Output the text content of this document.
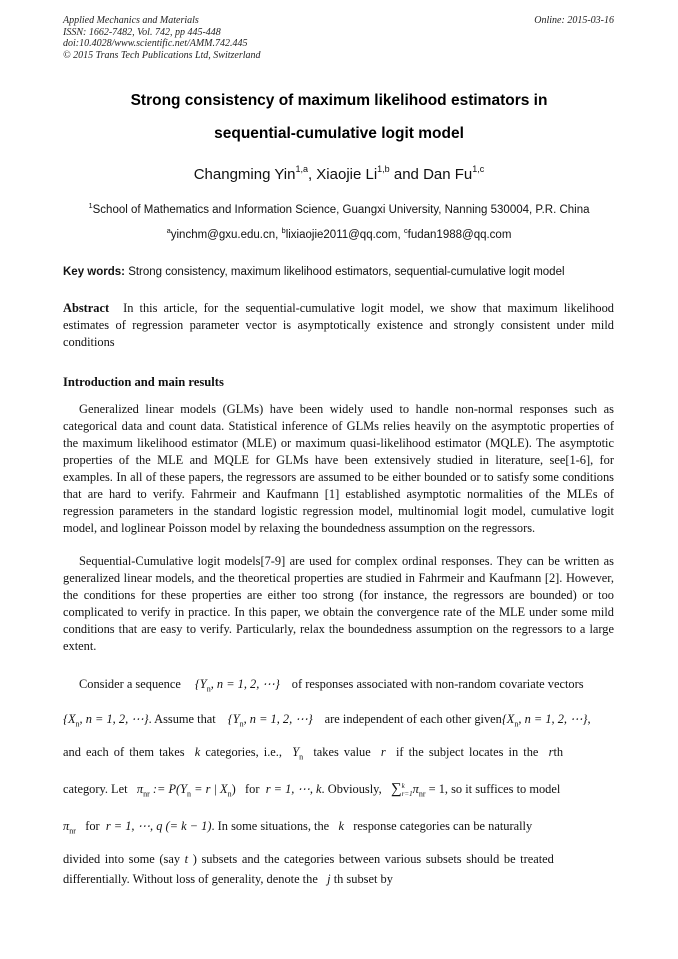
Applied Mechanics and Materials
ISSN: 1662-7482, Vol. 742, pp 445-448
doi:10.4028/www.scientific.net/AMM.742.445
© 2015 Trans Tech Publications Ltd, Switzerland
Online: 2015-03-16
Strong consistency of maximum likelihood estimators in
sequential-cumulative logit model
Changming Yin$^{1,a}$, Xiaojie Li$^{1,b}$ and Dan Fu$^{1,c}$
$^1$School of Mathematics and Information Science, Guangxi University, Nanning 530004, P.R. China
$^a$yinchm@gxu.edu.cn, $^b$lixiaojie2011@qq.com, $^c$fudan1988@qq.com
Key words: Strong consistency, maximum likelihood estimators, sequential-cumulative logit model
Abstract In this article, for the sequential-cumulative logit model, we show that maximum likelihood estimates of regression parameter vector is asymptotically existence and strongly consistent under mild conditions
Introduction and main results
Generalized linear models (GLMs) have been widely used to handle non-normal responses such as categorical data and count data. Statistical inference of GLMs relies heavily on the asymptotic properties of the maximum likelihood estimator (MLE) or maximum quasi-likelihood estimator (MQLE). The asymptotic properties of the MLE and MQLE for GLMs have been extensively studied in literature, see[1-6], for examples. In all of these papers, the regressors are assumed to be either bounded or to satisfy some conditions that are hard to verify. Fahrmeir and Kaufmann [1] established asymptotic normalities of the MLEs of regression parameters in the standard logistic regression model, multinomial logit model, cumulative logit model, and loglinear Poisson model by relaxing the boundedness assumption on the regressors.
Sequential-Cumulative logit models[7-9] are used for complex ordinal responses. They can be written as generalized linear models, and the theoretical properties are studied in Fahrmeir and Kaufmann [2]. However, the conditions for these properties are either too strong (for instance, the regressors are bounded) or too complicated to verify in practice. In this paper, we obtain the convergence rate of the MLE under some mild conditions that are easy to verify. Particularly, relax the boundedness assumption on the regressors to a large extent.
Consider a sequence {$Y_n$, n = 1, 2, ⋯} of responses associated with non-random covariate vectors
{$X_n$, n = 1, 2, ⋯}. Assume that {$Y_n$, n = 1, 2, ⋯} are independent of each other $given\{X_n$, n = 1, 2, ⋯},
and each of them takes k categories, i.e., $Y_n$ takes value r if the subject locates in the rth
category. Let $\pi_{nr}$ := $P(Y_n = r$ | $X_n$) for r = 1, ⋯, k. Obviously, ∑k
$r=1\pi_{nr} = 1$, so it suffices to model
$\pi_{nr}$ for r = 1, ⋯, q (= k − 1). In some situations, the k response categories can be naturally
divided into some (say t ) subsets and the categories between various subsets should be treated
differentially. Without loss of generality, denote the j th subset by
